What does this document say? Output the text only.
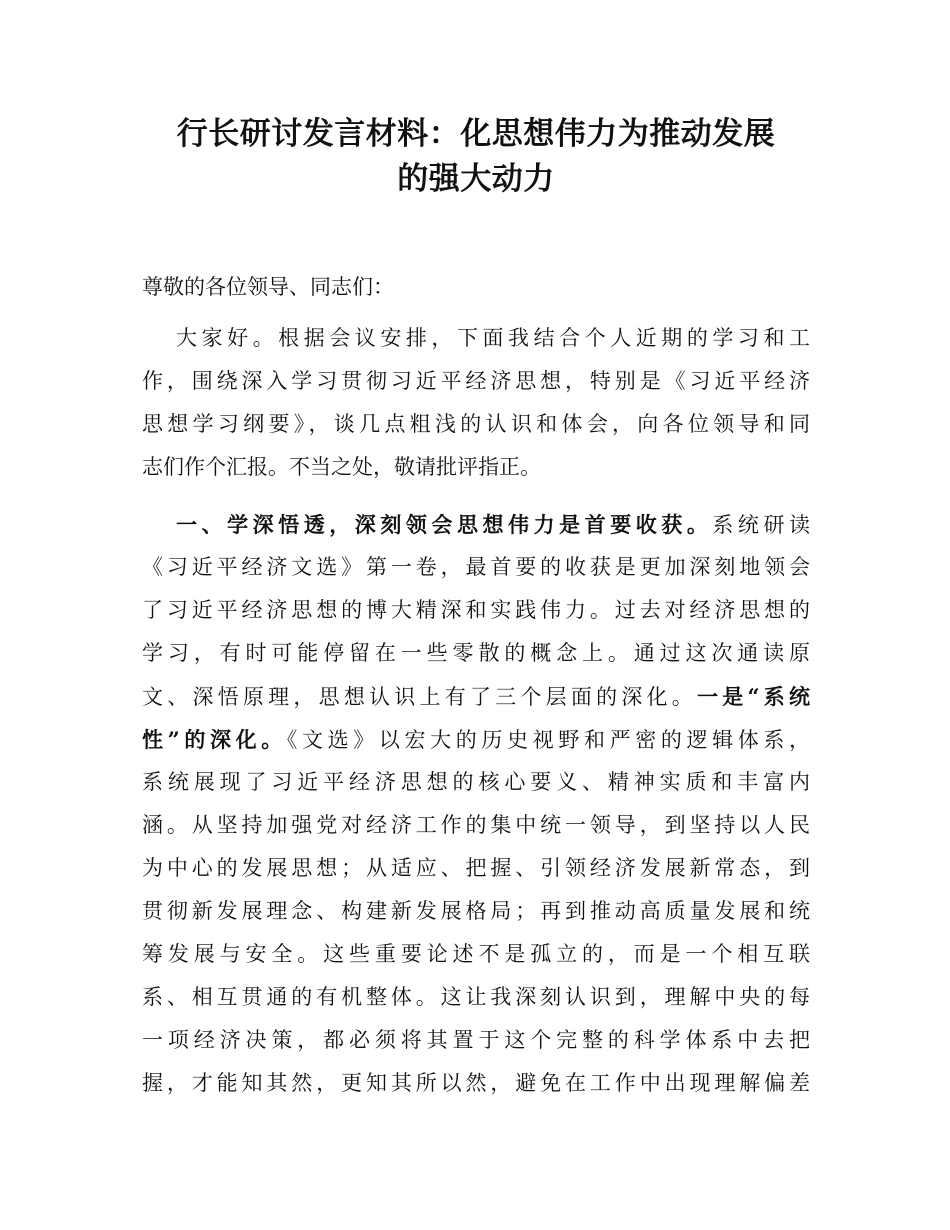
行长研讨发言材料：化思想伟力为推动发展
的强大动力
尊敬的各位领导、同志们：
大家好。根据会议安排，下面我结合个人近期的学习和工
作，围绕深入学习贯彻习近平经济思想，特别是《习近平经济
思想学习纲要》，谈几点粗浅的认识和体会，向各位领导和同
志们作个汇报。不当之处，敬请批评指正。
一、学深悟透，深刻领会思想伟力是首要收获。系统研读
《习近平经济文选》第一卷，最首要的收获是更加深刻地领会
了习近平经济思想的博大精深和实践伟力。过去对经济思想的
学习，有时可能停留在一些零散的概念上。通过这次通读原
文、深悟原理，思想认识上有了三个层面的深化。一是“系统
性”的深化。《文选》以宏大的历史视野和严密的逻辑体系，
系统展现了习近平经济思想的核心要义、精神实质和丰富内
涵。从坚持加强党对经济工作的集中统一领导，到坚持以人民
为中心的发展思想；从适应、把握、引领经济发展新常态，到
贯彻新发展理念、构建新发展格局；再到推动高质量发展和统
筹发展与安全。这些重要论述不是孤立的，而是一个相互联
系、相互贯通的有机整体。这让我深刻认识到，理解中央的每
一项经济决策，都必须将其置于这个完整的科学体系中去把
握，才能知其然，更知其所以然，避免在工作中出现理解偏差
